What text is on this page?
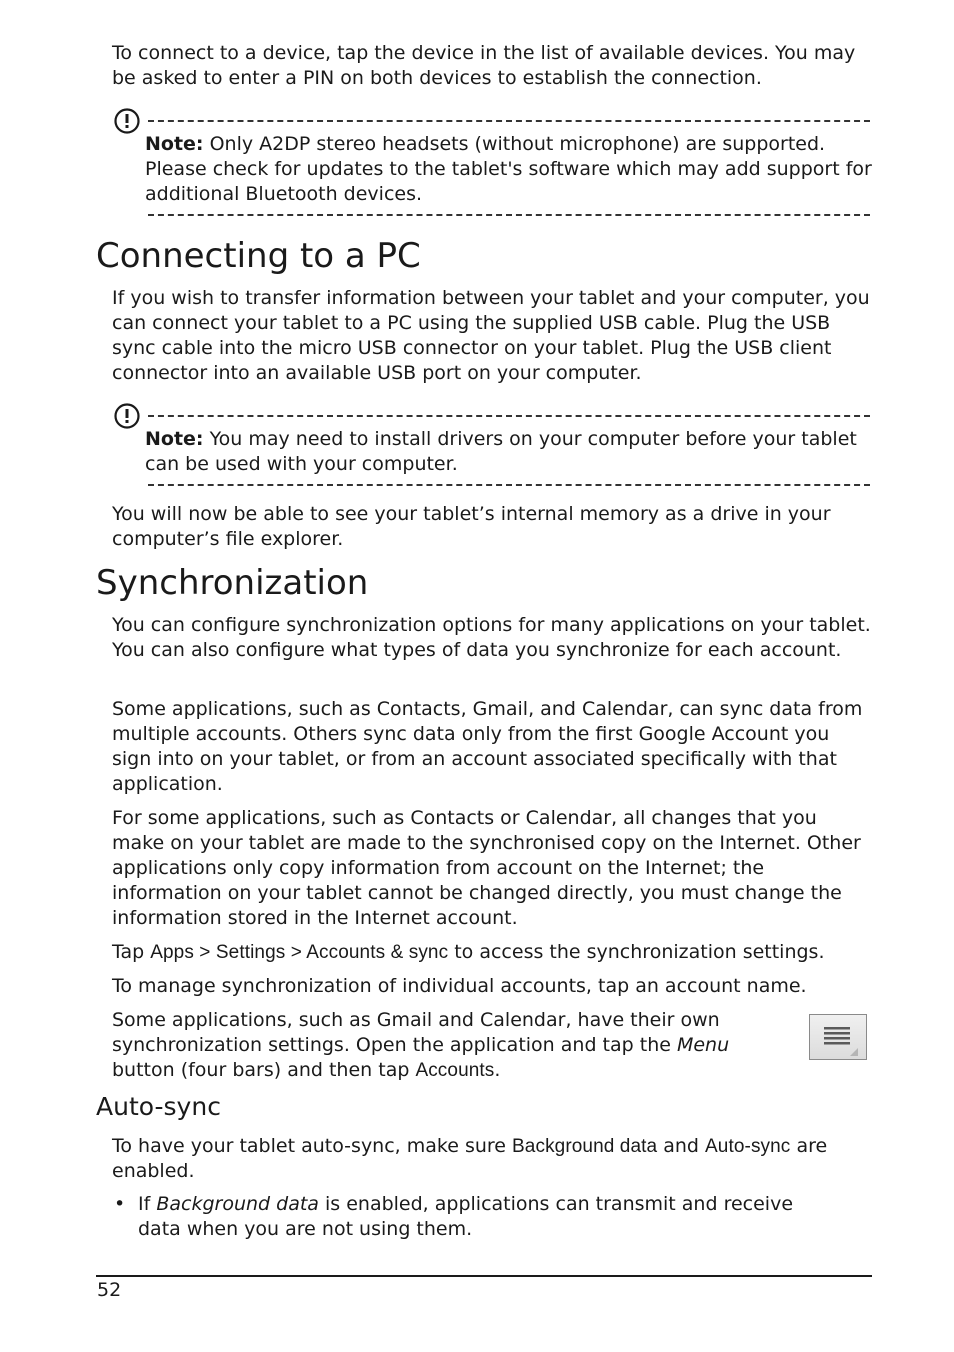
To connect to a device, tap the device in the list of available devices. You may be asked to enter a PIN on both devices to establish the connection.

Note: Only A2DP stereo headsets (without microphone) are supported. Please check for updates to the tablet's software which may add support for additional Bluetooth devices.

Connecting to a PC

If you wish to transfer information between your tablet and your computer, you can connect your tablet to a PC using the supplied USB cable. Plug the USB sync cable into the micro USB connector on your tablet. Plug the USB client connector into an available USB port on your computer.

Note: You may need to install drivers on your computer before your tablet can be used with your computer.

You will now be able to see your tablet’s internal memory as a drive in your computer’s file explorer.

Synchronization

You can configure synchronization options for many applications on your tablet. You can also configure what types of data you synchronize for each account.

Some applications, such as Contacts, Gmail, and Calendar, can sync data from multiple accounts. Others sync data only from the first Google Account you sign into on your tablet, or from an account associated specifically with that application.

For some applications, such as Contacts or Calendar, all changes that you make on your tablet are made to the synchronised copy on the Internet. Other applications only copy information from account on the Internet; the information on your tablet cannot be changed directly, you must change the information stored in the Internet account.

Tap Apps > Settings > Accounts & sync to access the synchronization settings.

To manage synchronization of individual accounts, tap an account name.

Some applications, such as Gmail and Calendar, have their own synchronization settings. Open the application and tap the Menu button (four bars) and then tap Accounts.

Auto-sync

To have your tablet auto-sync, make sure Background data and Auto-sync are enabled.

• If Background data is enabled, applications can transmit and receive data when you are not using them.

52
